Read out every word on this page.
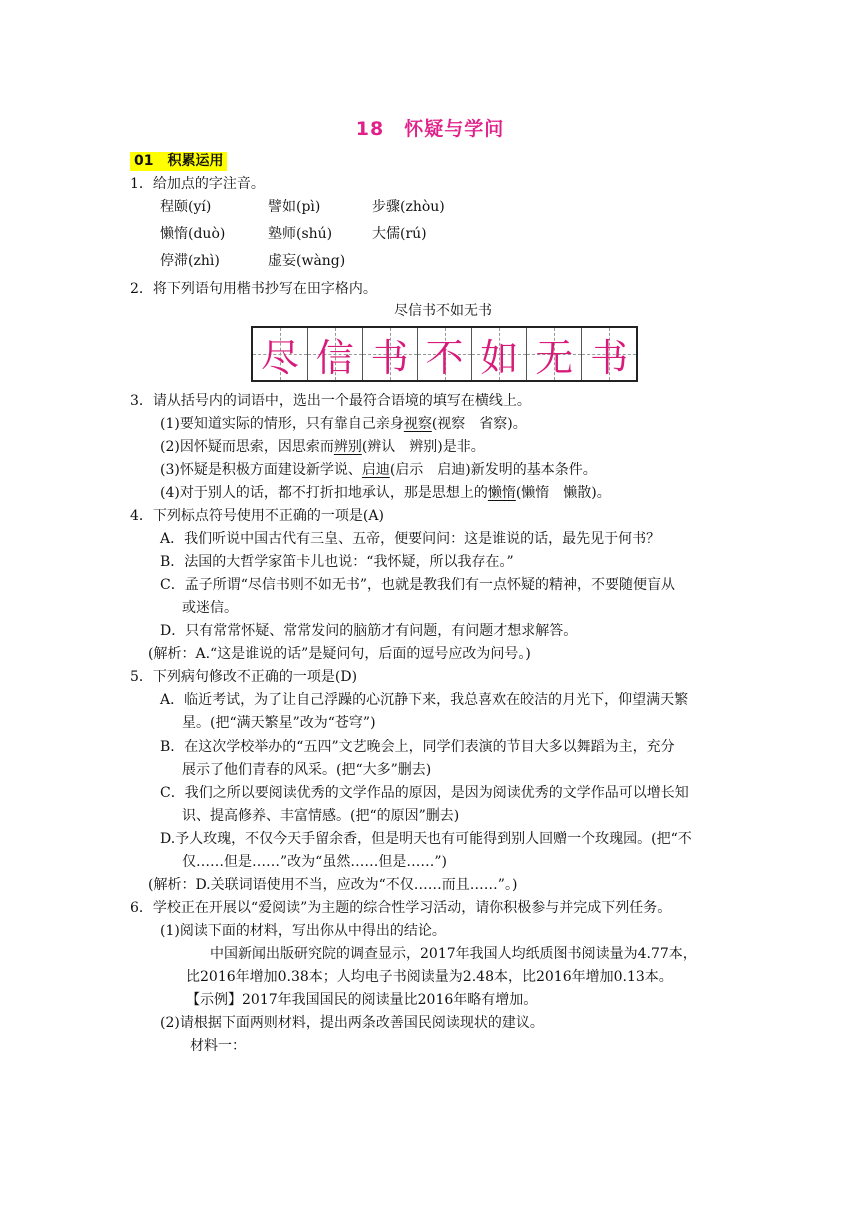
18　怀疑与学问
01　积累运用
1．给加点的字注音。
程颐(yí)	譬如(pì)	步骤(zhòu)
懒惰(duò)	塾师(shú)	大儒(rú)
停滞(zhì)	虚妄(wàng)
2．将下列语句用楷书抄写在田字格内。
尽信书不如无书
尽 信 书 不 如 无 书
3．请从括号内的词语中，选出一个最符合语境的填写在横线上。
(1)要知道实际的情形，只有靠自己亲身视察(视察　省察)。
(2)因怀疑而思索，因思索而辨别(辨认　辨别)是非。
(3)怀疑是积极方面建设新学说、启迪(启示　启迪)新发明的基本条件。
(4)对于别人的话，都不打折扣地承认，那是思想上的懒惰(懒惰　懒散)。
4．下列标点符号使用不正确的一项是(A)
A．我们听说中国古代有三皇、五帝，便要问问：这是谁说的话，最先见于何书？
B．法国的大哲学家笛卡儿也说：“我怀疑，所以我存在。”
C．孟子所谓“尽信书则不如无书”，也就是教我们有一点怀疑的精神，不要随便盲从
或迷信。
D．只有常常怀疑、常常发问的脑筋才有问题，有问题才想求解答。
(解析：A.“这是谁说的话”是疑问句，后面的逗号应改为问号。)
5．下列病句修改不正确的一项是(D)
A．临近考试，为了让自己浮躁的心沉静下来，我总喜欢在皎洁的月光下，仰望满天繁
星。(把“满天繁星”改为“苍穹”)
B．在这次学校举办的“五四”文艺晚会上，同学们表演的节目大多以舞蹈为主，充分
展示了他们青春的风采。(把“大多”删去)
C．我们之所以要阅读优秀的文学作品的原因，是因为阅读优秀的文学作品可以增长知
识、提高修养、丰富情感。(把“的原因”删去)
D.予人玫瑰，不仅今天手留余香，但是明天也有可能得到别人回赠一个玫瑰园。(把“不
仅……但是……”改为“虽然……但是……”)
(解析：D.关联词语使用不当，应改为“不仅……而且……”。)
6．学校正在开展以“爱阅读”为主题的综合性学习活动，请你积极参与并完成下列任务。
(1)阅读下面的材料，写出你从中得出的结论。
中国新闻出版研究院的调查显示，2017年我国人均纸质图书阅读量为4.77本，
比2016年增加0.38本；人均电子书阅读量为2.48本，比2016年增加0.13本。
【示例】2017年我国国民的阅读量比2016年略有增加。
(2)请根据下面两则材料，提出两条改善国民阅读现状的建议。
材料一：
